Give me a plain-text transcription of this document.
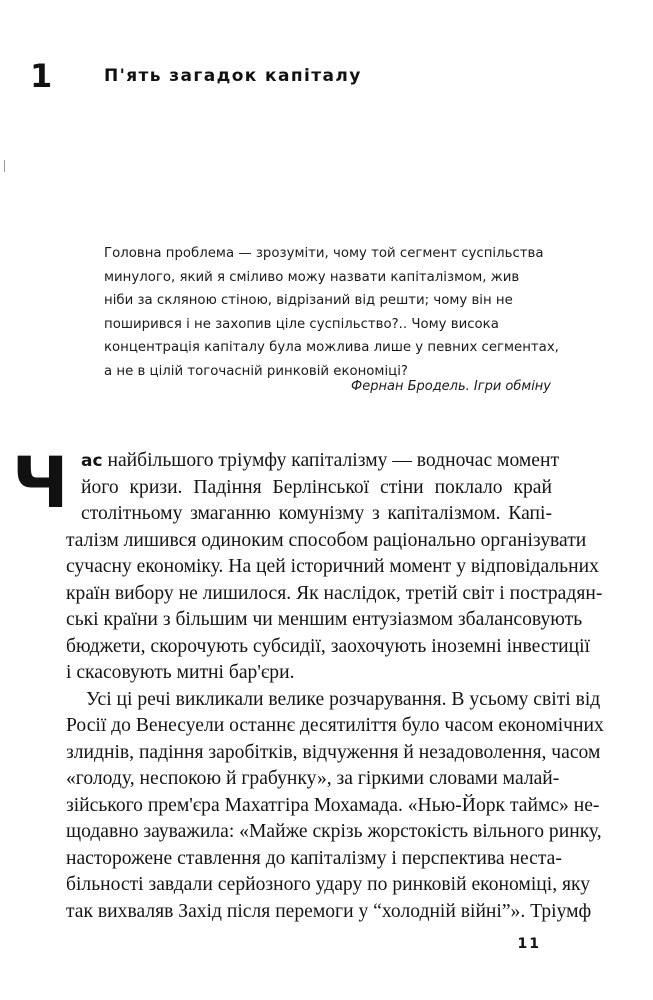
1	П'ять загадок капіталу
Головна проблема — зрозуміти, чому той сегмент суспільства
минулого, який я сміливо можу назвати капіталізмом, жив
ніби за скляною стіною, відрізаний від решти; чому він не
поширився і не захопив ціле суспільство?.. Чому висока
концентрація капіталу була можлива лише у певних сегментах,
а не в цілій тогочасній ринковій економіці?
Фернан Бродель. Ігри обміну
Ч ас найбільшого тріумфу капіталізму — водночас момент
його кризи. Падіння Берлінської стіни поклало край
столітньому змаганню комунізму з капіталізмом. Капі-
талізм лишився одиноким способом раціонально організувати
сучасну економіку. На цей історичний момент у відповідальних
країн вибору не лишилося. Як наслідок, третій світ і пострадян-
ські країни з більшим чи меншим ентузіазмом збалансовують
бюджети, скорочують субсидії, заохочують іноземні інвестиції
і скасовують митні бар'єри.
Усі ці речі викликали велике розчарування. В усьому світі від
Росії до Венесуели останнє десятиліття було часом економічних
злиднів, падіння заробітків, відчуження й незадоволення, часом
«голоду, неспокою й грабунку», за гіркими словами малай-
зійського прем'єра Махатгіра Мохамада. «Нью-Йорк таймс» не-
щодавно зауважила: «Майже скрізь жорстокість вільного ринку,
насторожене ставлення до капіталізму і перспектива неста-
більності завдали серйозного удару по ринковій економіці, яку
так вихваляв Захід після перемоги у “холодній війні”». Тріумф
11
